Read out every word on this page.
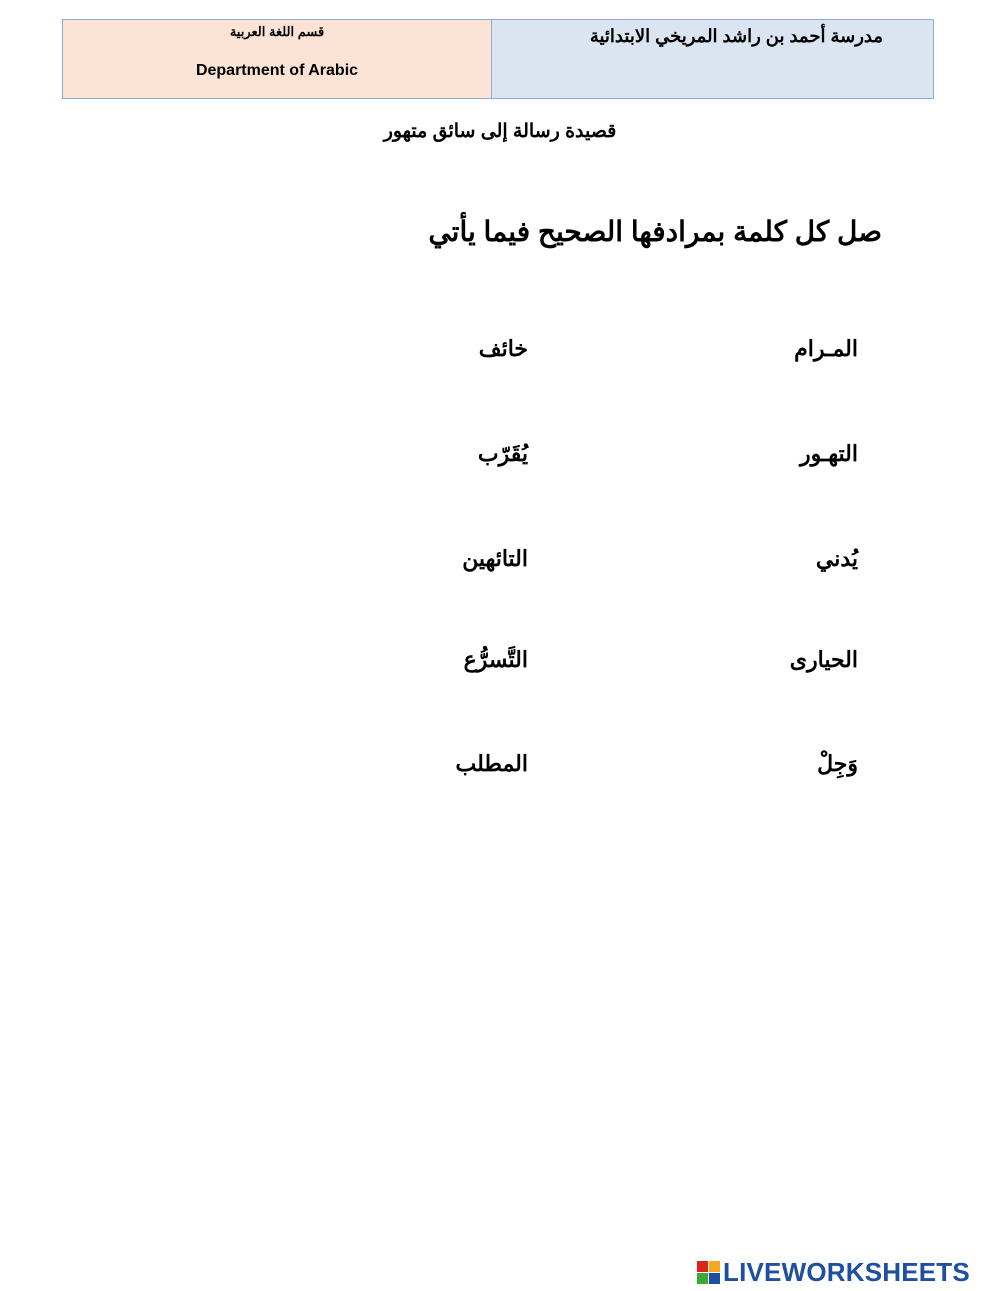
قسم اللغة العربية
Department of Arabic
مدرسة أحمد بن راشد المريخي الابتدائية
قصيدة رسالة إلى سائق متهور
صل كل كلمة بمرادفها الصحيح فيما يأتي
المـرام
التهـور
يُدني
الحيارى
وَجِلْ
خائف
يُقَرّب
التائهين
التَّسرُّع
المطلب
LIVEWORKSHEETS
